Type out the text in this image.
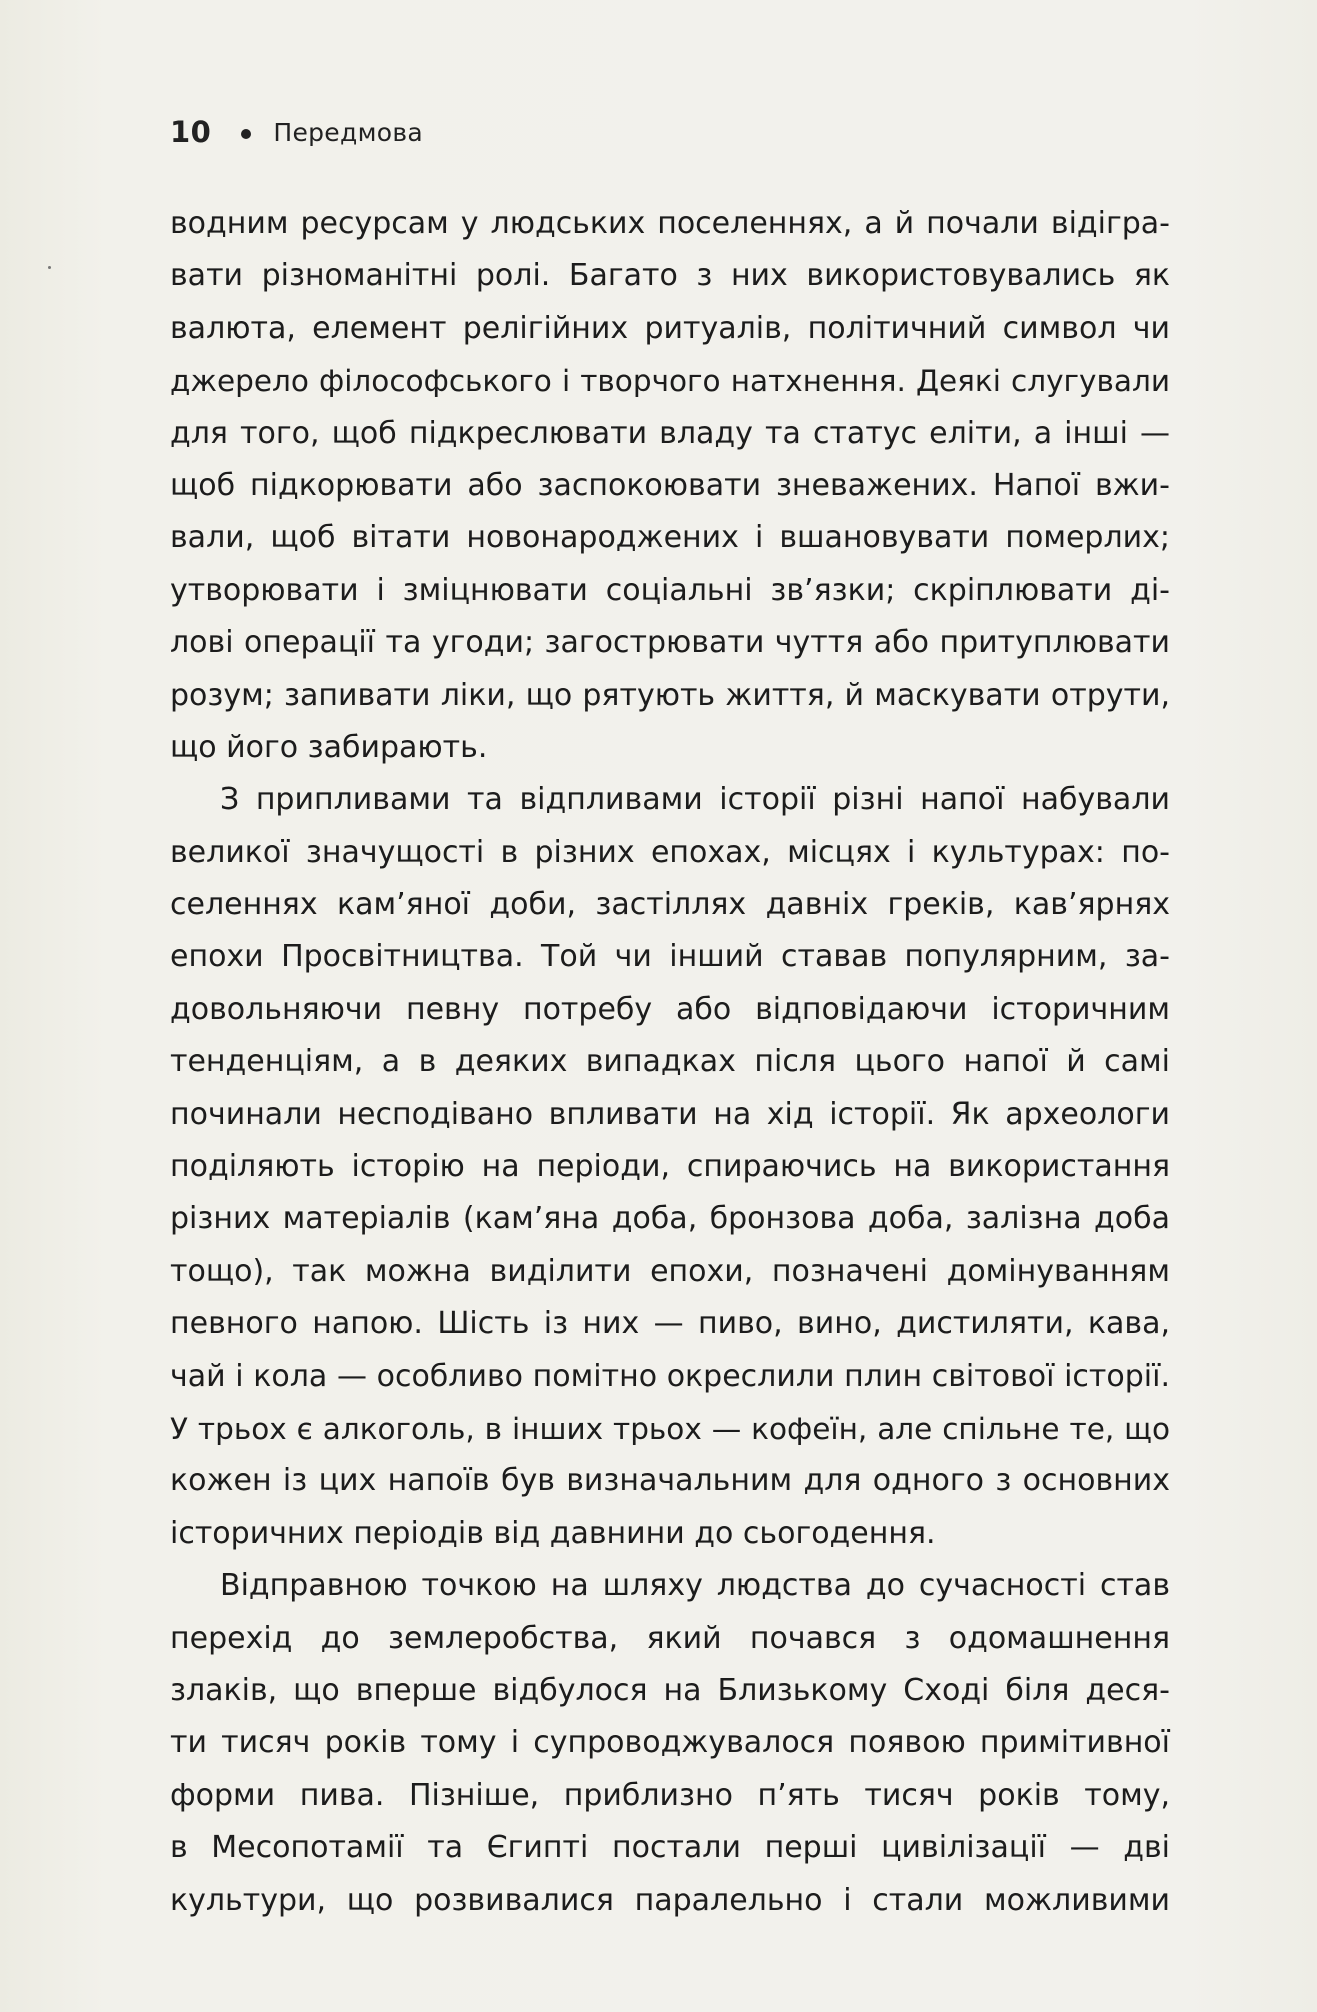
10 Передмова
водним ресурсам у людських поселеннях, а й почали відігра-
вати різноманітні ролі. Багато з них використовувались як
валюта, елемент релігійних ритуалів, політичний символ чи
джерело філософського і творчого натхнення. Деякі слугували
для того, щоб підкреслювати владу та статус еліти, а інші —
щоб підкорювати або заспокоювати зневажених. Напої вжи-
вали, щоб вітати новонароджених і вшановувати померлих;
утворювати і зміцнювати соціальні зв’язки; скріплювати ді-
лові операції та угоди; загострювати чуття або притуплювати
розум; запивати ліки, що рятують життя, й маскувати отрути,
що його забирають.
З припливами та відпливами історії різні напої набували
великої значущості в різних епохах, місцях і культурах: по-
селеннях кам’яної доби, застіллях давніх греків, кав’ярнях
епохи Просвітництва. Той чи інший ставав популярним, за-
довольняючи певну потребу або відповідаючи історичним
тенденціям, а в деяких випадках після цього напої й самі
починали несподівано впливати на хід історії. Як археологи
поділяють історію на періоди, спираючись на використання
різних матеріалів (кам’яна доба, бронзова доба, залізна доба
тощо), так можна виділити епохи, позначені домінуванням
певного напою. Шість із них — пиво, вино, дистиляти, кава,
чай і кола — особливо помітно окреслили плин світової історії.
У трьох є алкоголь, в інших трьох — кофеїн, але спільне те, що
кожен із цих напоїв був визначальним для одного з основних
історичних періодів від давнини до сьогодення.
Відправною точкою на шляху людства до сучасності став
перехід до землеробства, який почався з одомашнення
злаків, що вперше відбулося на Близькому Сході біля деся-
ти тисяч років тому і супроводжувалося появою примітивної
форми пива. Пізніше, приблизно п’ять тисяч років тому,
в Месопотамії та Єгипті постали перші цивілізації — дві
культури, що розвивалися паралельно і стали можливими
